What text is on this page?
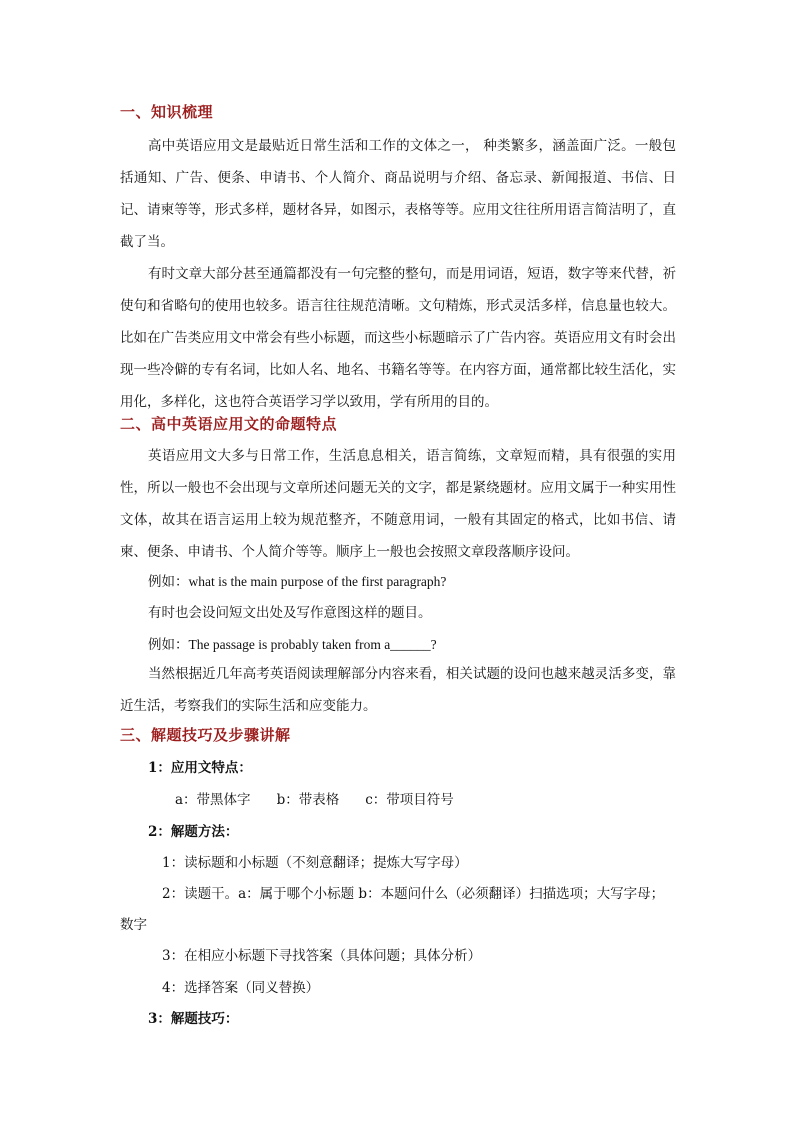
一、知识梳理
高中英语应用文是最贴近日常生活和工作的文体之一， 种类繁多，涵盖面广泛。一般包括通知、广告、便条、申请书、个人简介、商品说明与介绍、备忘录、新闻报道、书信、日记、请柬等等，形式多样，题材各异，如图示，表格等等。应用文往往所用语言简洁明了，直截了当。
有时文章大部分甚至通篇都没有一句完整的整句，而是用词语，短语，数字等来代替，祈使句和省略句的使用也较多。语言往往规范清晰。文句精炼，形式灵活多样，信息量也较大。比如在广告类应用文中常会有些小标题，而这些小标题暗示了广告内容。英语应用文有时会出现一些冷僻的专有名词，比如人名、地名、书籍名等等。在内容方面，通常都比较生活化，实用化，多样化，这也符合英语学习学以致用，学有所用的目的。
二、高中英语应用文的命题特点
英语应用文大多与日常工作，生活息息相关，语言简练，文章短而精，具有很强的实用性，所以一般也不会出现与文章所述问题无关的文字，都是紧绕题材。应用文属于一种实用性文体，故其在语言运用上较为规范整齐，不随意用词，一般有其固定的格式，比如书信、请柬、便条、申请书、个人简介等等。顺序上一般也会按照文章段落顺序设问。
例如：what is the main purpose of the first paragraph?
有时也会设问短文出处及写作意图这样的题目。
例如：The passage is probably taken from a______?
当然根据近几年高考英语阅读理解部分内容来看，相关试题的设问也越来越灵活多变，靠近生活，考察我们的实际生活和应变能力。
三、解题技巧及步骤讲解
1：应用文特点：
a：带黑体字 b：带表格 c：带项目符号
2：解题方法：
1：读标题和小标题（不刻意翻译；提炼大写字母）
2：读题干。a：属于哪个小标题 b：本题问什么（必须翻译）扫描选项；大写字母；
数字
3：在相应小标题下寻找答案（具体问题；具体分析）
4：选择答案（同义替换）
3：解题技巧：
